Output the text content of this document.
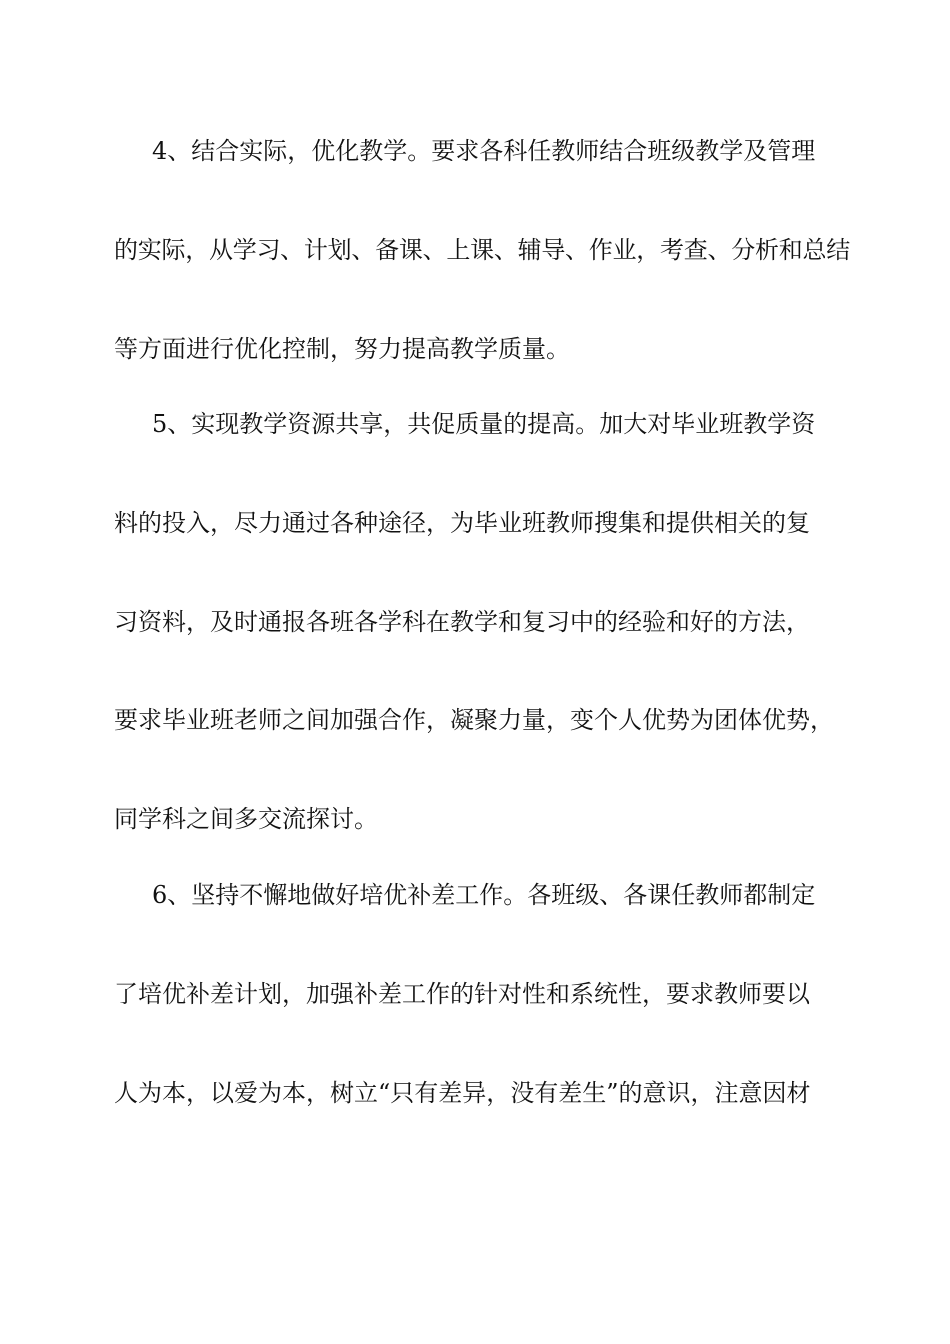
4、结合实际，优化教学。要求各科任教师结合班级教学及管理
的实际，从学习、计划、备课、上课、辅导、作业，考查、分析和总结
等方面进行优化控制，努力提高教学质量。
5、实现教学资源共享，共促质量的提高。加大对毕业班教学资
料的投入，尽力通过各种途径，为毕业班教师搜集和提供相关的复
习资料，及时通报各班各学科在教学和复习中的经验和好的方法，
要求毕业班老师之间加强合作，凝聚力量，变个人优势为团体优势，
同学科之间多交流探讨。
6、坚持不懈地做好培优补差工作。各班级、各课任教师都制定
了培优补差计划，加强补差工作的针对性和系统性，要求教师要以
人为本，以爱为本，树立“只有差异，没有差生”的意识，注意因材
